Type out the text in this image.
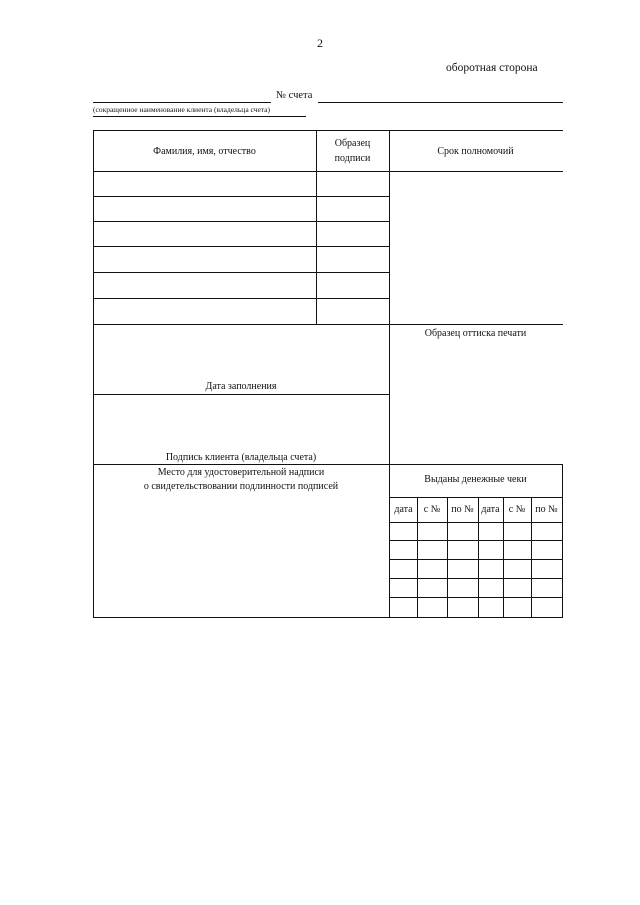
2
оборотная сторона
№ счета
(сокращенное наименование клиента (владельца счета)
Фамилия, имя, отчество
Образец
подписи
Срок полномочий
Образец оттиска печати
Дата заполнения
Подпись клиента (владельца счета)
Место для удостоверительной надписи
о свидетельствовании подлинности подписей
Выданы денежные чеки
дата	с №	по № дата с №	по №
